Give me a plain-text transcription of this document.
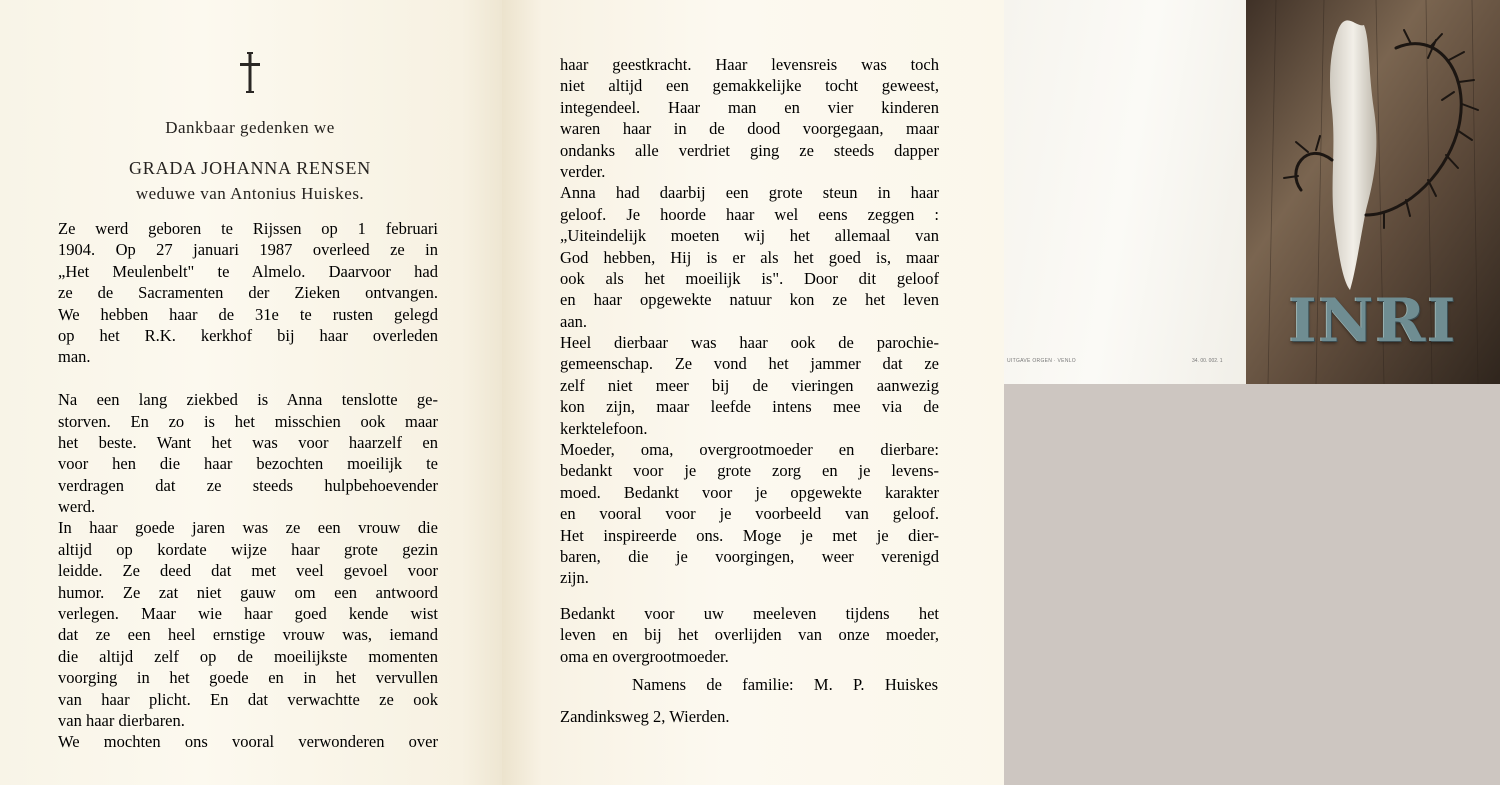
Dankbaar gedenken we
GRADA JOHANNA RENSEN
weduwe van Antonius Huiskes.
Ze werd geboren te Rijssen op 1 februari
1904. Op 27 januari 1987 overleed ze in
„Het Meulenbelt" te Almelo. Daarvoor had
ze de Sacramenten der Zieken ontvangen.
We hebben haar de 31e te rusten gelegd
op het R.K. kerkhof bij haar overleden
man.
Na een lang ziekbed is Anna tenslotte ge-
storven. En zo is het misschien ook maar
het beste. Want het was voor haarzelf en
voor hen die haar bezochten moeilijk te
verdragen dat ze steeds hulpbehoevender
werd.
In haar goede jaren was ze een vrouw die
altijd op kordate wijze haar grote gezin
leidde. Ze deed dat met veel gevoel voor
humor. Ze zat niet gauw om een antwoord
verlegen. Maar wie haar goed kende wist
dat ze een heel ernstige vrouw was, iemand
die altijd zelf op de moeilijkste momenten
voorging in het goede en in het vervullen
van haar plicht. En dat verwachtte ze ook
van haar dierbaren.
We mochten ons vooral verwonderen over
haar geestkracht. Haar levensreis was toch
niet altijd een gemakkelijke tocht geweest,
integendeel. Haar man en vier kinderen
waren haar in de dood voorgegaan, maar
ondanks alle verdriet ging ze steeds dapper
verder.
Anna had daarbij een grote steun in haar
geloof. Je hoorde haar wel eens zeggen :
„Uiteindelijk moeten wij het allemaal van
God hebben, Hij is er als het goed is, maar
ook als het moeilijk is". Door dit geloof
en haar opgewekte natuur kon ze het leven
aan.
Heel dierbaar was haar ook de parochie-
gemeenschap. Ze vond het jammer dat ze
zelf niet meer bij de vieringen aanwezig
kon zijn, maar leefde intens mee via de
kerktelefoon.
Moeder, oma, overgrootmoeder en dierbare:
bedankt voor je grote zorg en je levens-
moed. Bedankt voor je opgewekte karakter
en vooral voor je voorbeeld van geloof.
Het inspireerde ons. Moge je met je dier-
baren, die je voorgingen, weer verenigd
zijn.
Bedankt voor uw meeleven tijdens het
leven en bij het overlijden van onze moeder,
oma en overgrootmoeder.
Namens de familie: M. P. Huiskes
Zandinksweg 2, Wierden.
UITGAVE ORGEN · VENLO	34. 00. 002. 1
INRI
